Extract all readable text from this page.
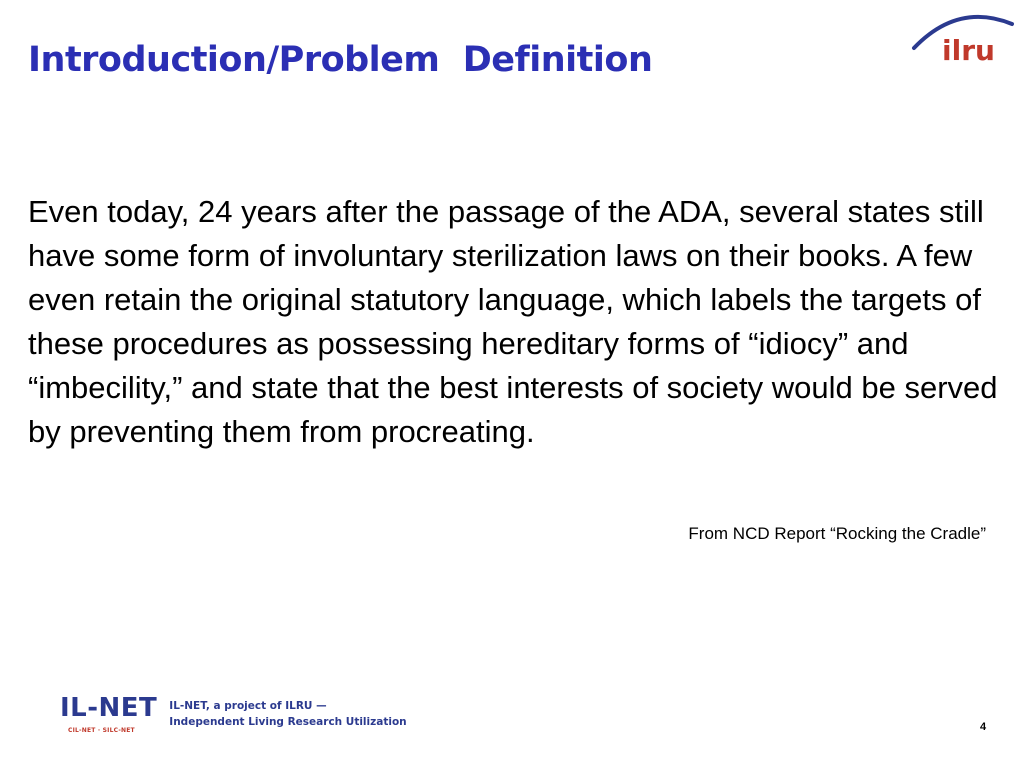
Introduction/Problem  Definition	ilru

Even today, 24 years after the passage of the ADA, several states still have some form of involuntary sterilization laws on their books. A few even retain the original statutory language, which labels the targets of these procedures as possessing hereditary forms of “idiocy” and “imbecility,” and state that the best interests of society would be served by preventing them from procreating.

From NCD Report “Rocking the Cradle”

IL-NET
CIL-NET · SILC-NET
IL-NET, a project of ILRU —
Independent Living Research Utilization	4
